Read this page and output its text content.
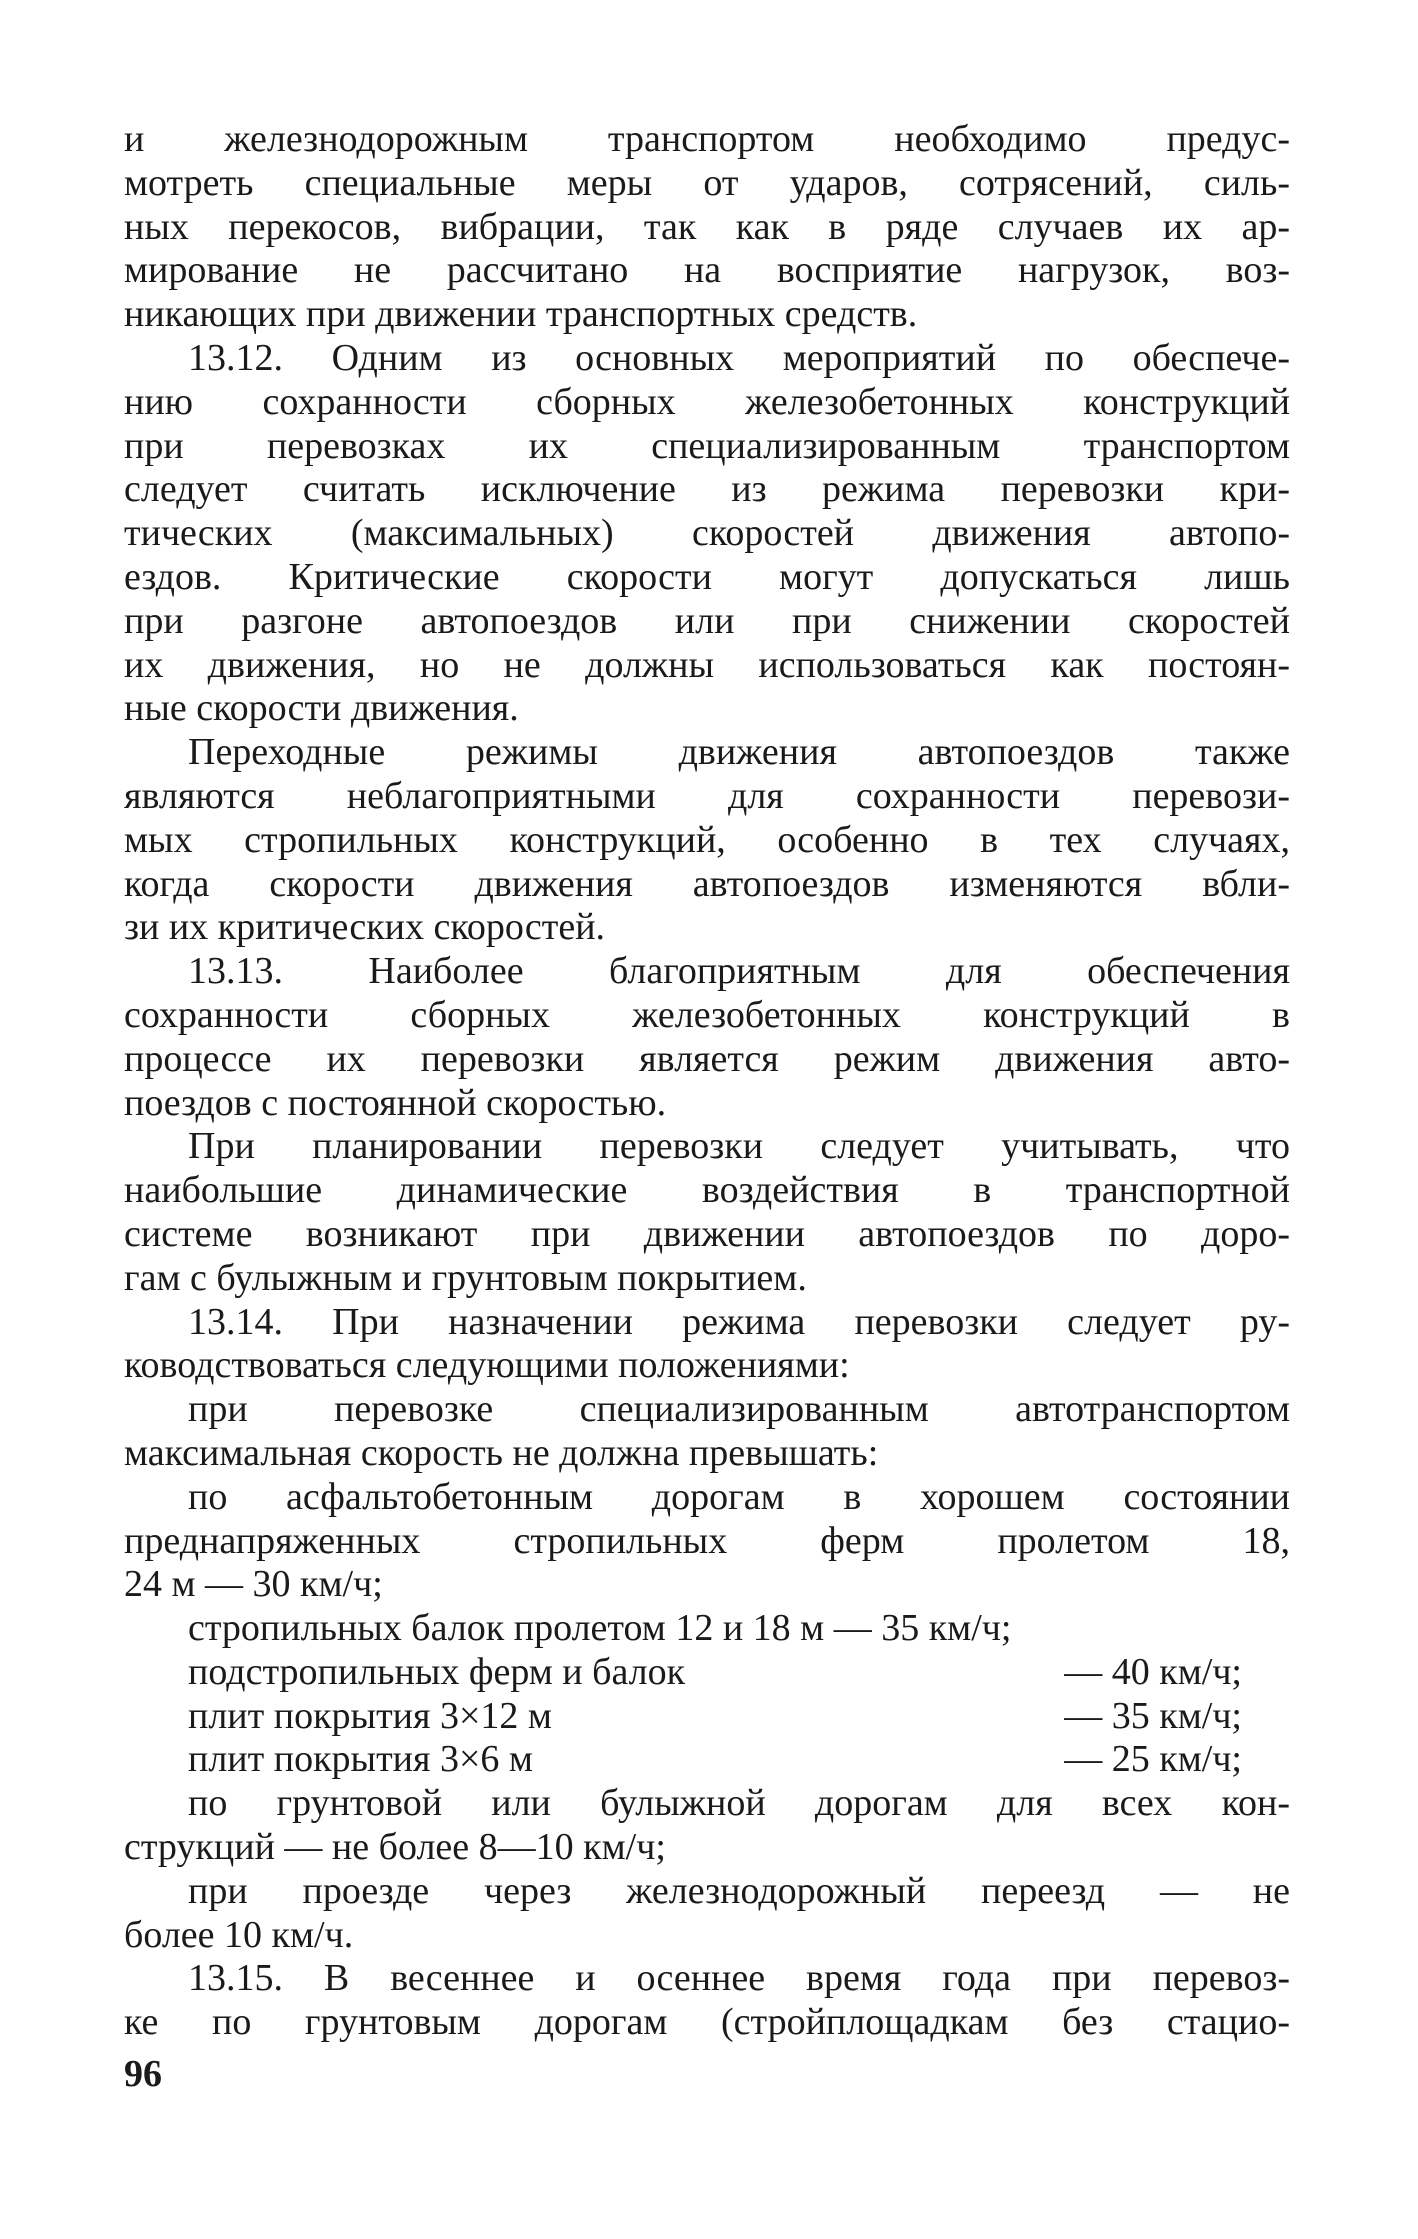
и железнодорожным транспортом необходимо предус-
мотреть специальные меры от ударов, сотрясений, силь-
ных перекосов, вибрации, так как в ряде случаев их ар-
мирование не рассчитано на восприятие нагрузок, воз-
никающих при движении транспортных средств.
13.12. Одним из основных мероприятий по обеспече-
нию сохранности сборных железобетонных конструкций
при перевозках их специализированным транспортом
следует считать исключение из режима перевозки кри-
тических (максимальных) скоростей движения автопо-
ездов. Критические скорости могут допускаться лишь
при разгоне автопоездов или при снижении скоростей
их движения, но не должны использоваться как постоян-
ные скорости движения.
Переходные режимы движения автопоездов также
являются неблагоприятными для сохранности перевози-
мых стропильных конструкций, особенно в тех случаях,
когда скорости движения автопоездов изменяются вбли-
зи их критических скоростей.
13.13. Наиболее благоприятным для обеспечения
сохранности сборных железобетонных конструкций в
процессе их перевозки является режим движения авто-
поездов с постоянной скоростью.
При планировании перевозки следует учитывать, что
наибольшие динамические воздействия в транспортной
системе возникают при движении автопоездов по доро-
гам с булыжным и грунтовым покрытием.
13.14. При назначении режима перевозки следует ру-
ководствоваться следующими положениями:
при перевозке специализированным автотранспортом
максимальная скорость не должна превышать:
по асфальтобетонным дорогам в хорошем состоянии
преднапряженных стропильных ферм пролетом 18,
24 м — 30 км/ч;
стропильных балок пролетом 12 и 18 м — 35 км/ч;
подстропильных ферм и балок	— 40 км/ч;
плит покрытия 3×12 м	— 35 км/ч;
плит покрытия 3×6 м	— 25 км/ч;
по грунтовой или булыжной дорогам для всех кон-
струкций — не более 8—10 км/ч;
при проезде через железнодорожный переезд — не
более 10 км/ч.
13.15. В весеннее и осеннее время года при перевоз-
ке по грунтовым дорогам (стройплощадкам без стацио-
96
